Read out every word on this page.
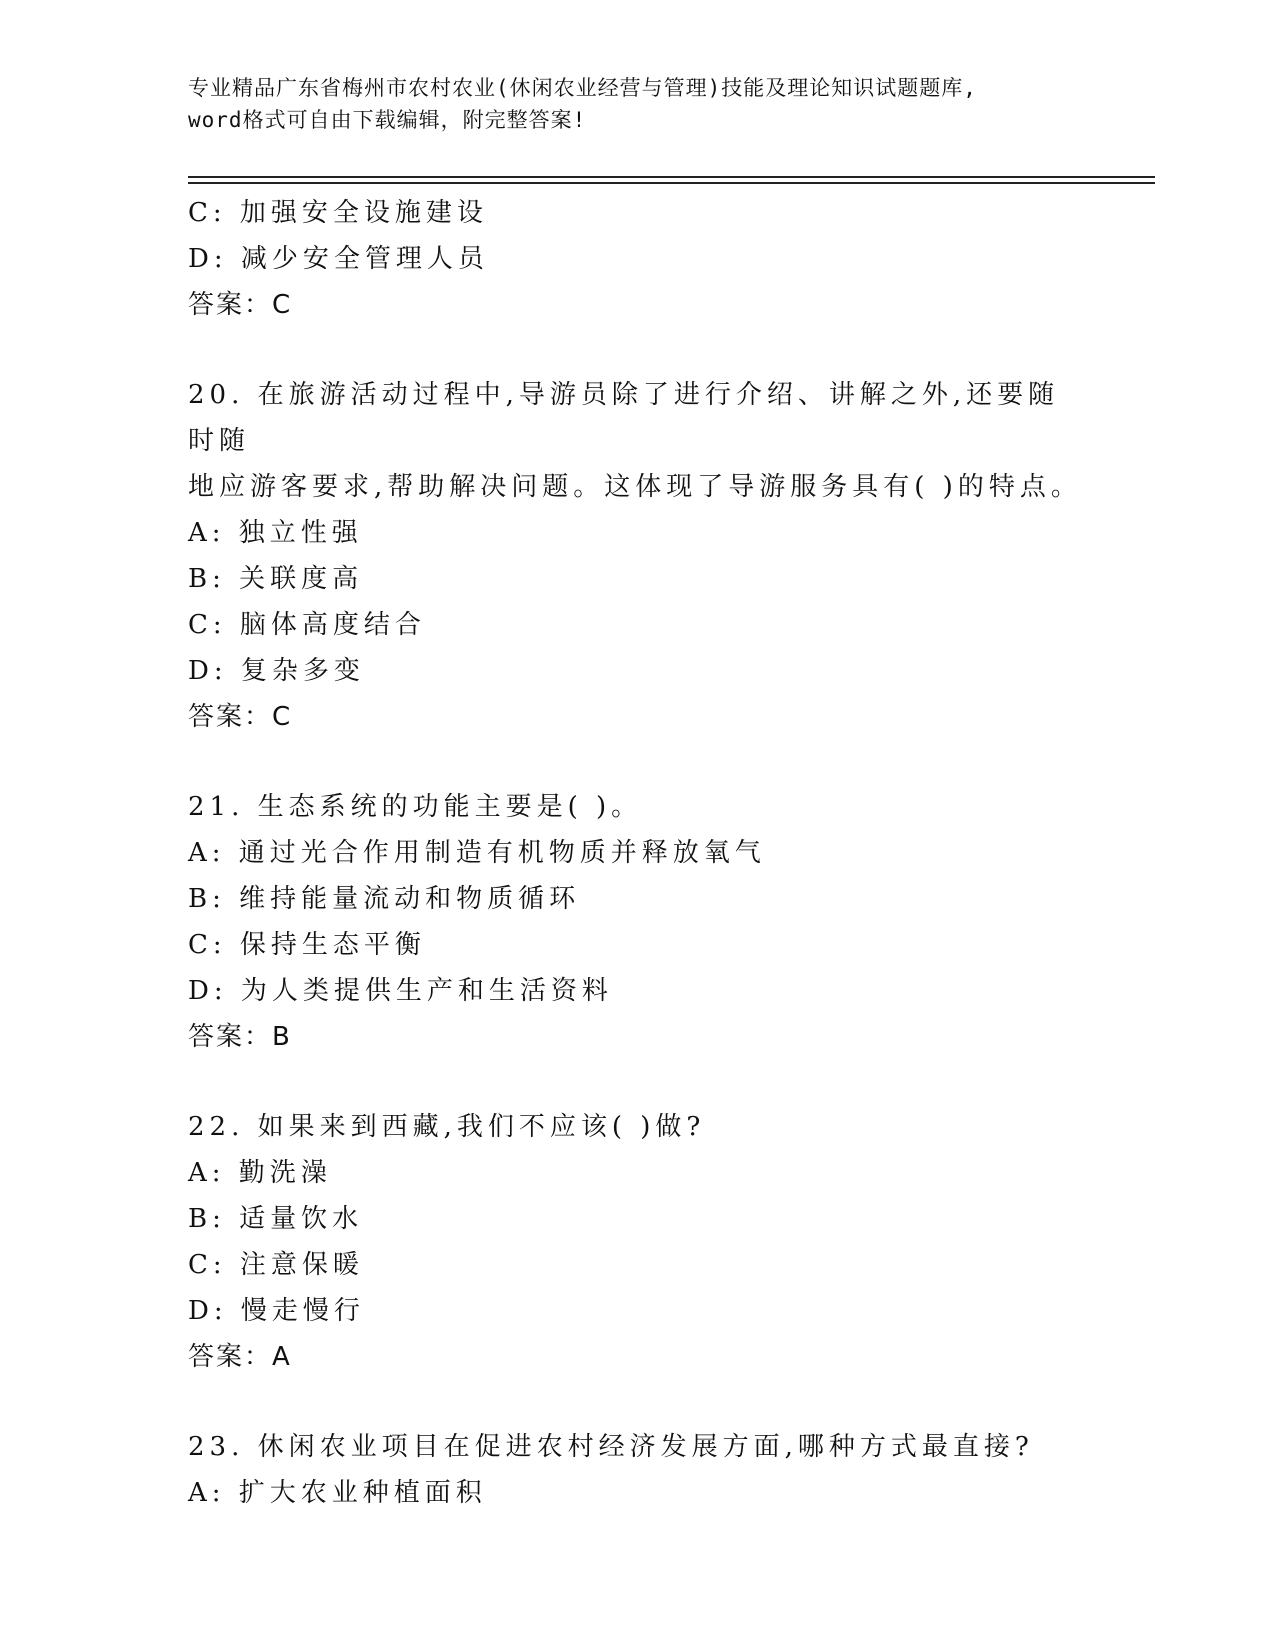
专业精品广东省梅州市农村农业(休闲农业经营与管理)技能及理论知识试题题库,
word格式可自由下载编辑，附完整答案!
C: 加强安全设施建设
D: 减少安全管理人员
答案：C
20. 在旅游活动过程中,导游员除了进行介绍、讲解之外,还要随时随
地应游客要求,帮助解决问题。这体现了导游服务具有( )的特点。
A: 独立性强
B: 关联度高
C: 脑体高度结合
D: 复杂多变
答案：C
21. 生态系统的功能主要是( )。
A: 通过光合作用制造有机物质并释放氧气
B: 维持能量流动和物质循环
C: 保持生态平衡
D: 为人类提供生产和生活资料
答案：B
22. 如果来到西藏,我们不应该( )做?
A: 勤洗澡
B: 适量饮水
C: 注意保暖
D: 慢走慢行
答案：A
23. 休闲农业项目在促进农村经济发展方面,哪种方式最直接?
A: 扩大农业种植面积
